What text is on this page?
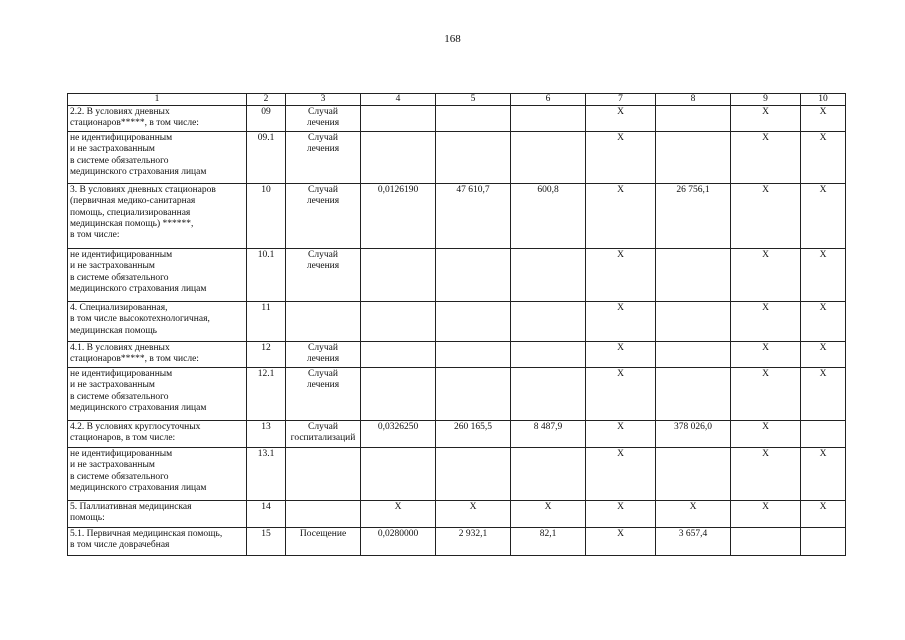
168
1	2	3	4	5	6	7	8	9	10
2.2. В условиях дневных
стационаров*****, в том числе:	09	Случай
лечения				Х		Х	Х
не идентифицированным
и не застрахованным
в системе обязательного
медицинского страхования лицам	09.1	Случай
лечения				Х		Х	Х
3. В условиях дневных стационаров
(первичная медико-санитарная
помощь, специализированная
медицинская помощь) ******,
в том числе:	10	Случай
лечения	0,0126190	47 610,7	600,8	Х	26 756,1	Х	Х
не идентифицированным
и не застрахованным
в системе обязательного
медицинского страхования лицам	10.1	Случай
лечения				Х		Х	Х
4. Специализированная,
в том числе высокотехнологичная,
медицинская помощь	11					Х		Х	Х
4.1. В условиях дневных
стационаров*****, в том числе:	12	Случай
лечения				Х		Х	Х
не идентифицированным
и не застрахованным
в системе обязательного
медицинского страхования лицам	12.1	Случай
лечения				Х		Х	Х
4.2. В условиях круглосуточных
стационаров, в том числе:	13	Случай
госпитализаций	0,0326250	260 165,5	8 487,9	Х	378 026,0	Х	
не идентифицированным
и не застрахованным
в системе обязательного
медицинского страхования лицам	13.1					Х		Х	Х
5. Паллиативная медицинская
помощь:	14		Х	Х	Х	Х	Х	Х	Х
5.1. Первичная медицинская помощь,
в том числе доврачебная	15	Посещение	0,0280000	2 932,1	82,1	Х	3 657,4		
